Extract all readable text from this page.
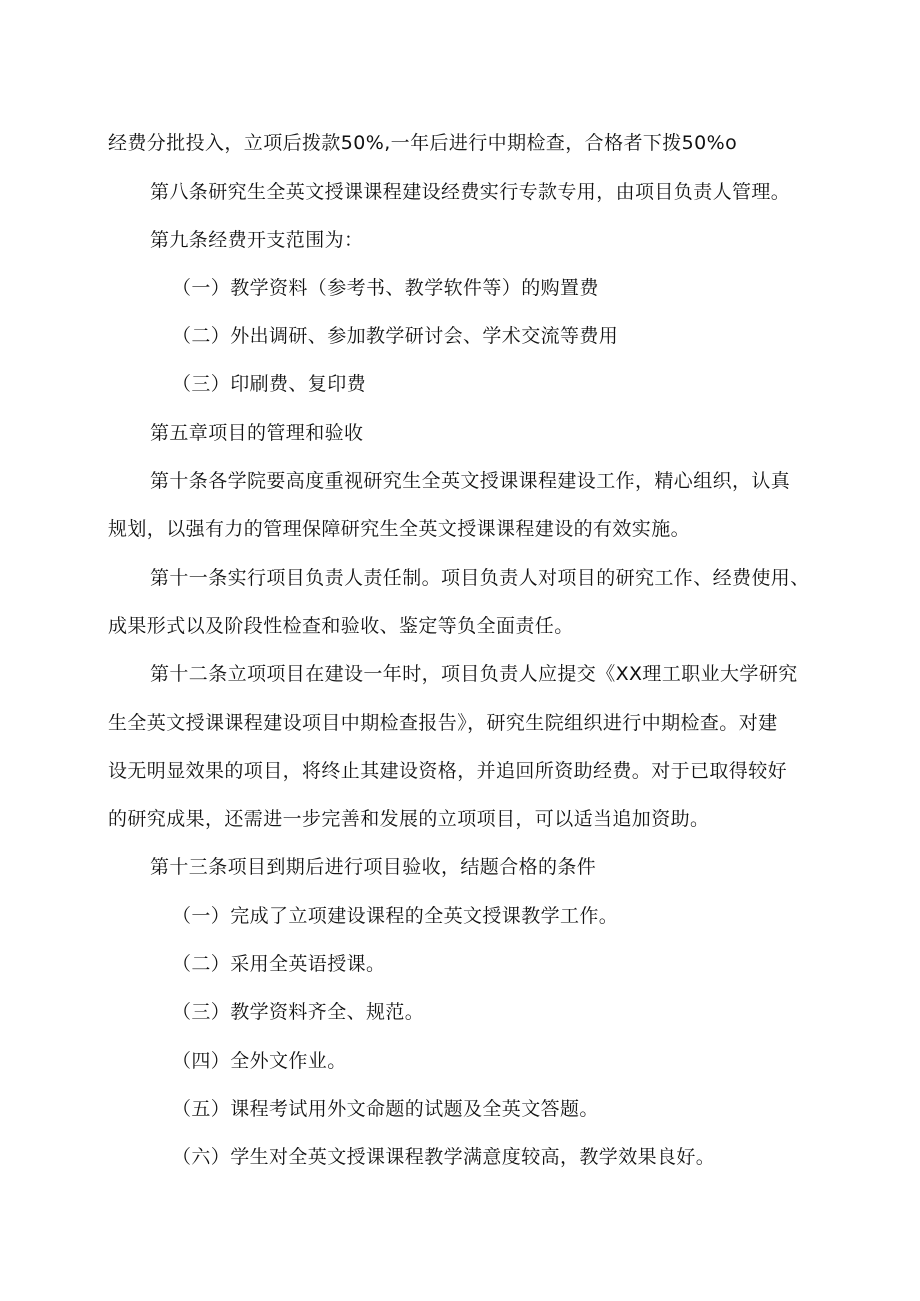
经费分批投入，立项后拨款50%,一年后进行中期检查，合格者下拨50%o
第八条研究生全英文授课课程建设经费实行专款专用，由项目负责人管理。
第九条经费开支范围为：
（一）教学资料（参考书、教学软件等）的购置费
（二）外出调研、参加教学研讨会、学术交流等费用
（三）印刷费、复印费
第五章项目的管理和验收
第十条各学院要高度重视研究生全英文授课课程建设工作，精心组织，认真
规划，以强有力的管理保障研究生全英文授课课程建设的有效实施。
第十一条实行项目负责人责任制。项目负责人对项目的研究工作、经费使用、
成果形式以及阶段性检查和验收、鉴定等负全面责任。
第十二条立项项目在建设一年时，项目负责人应提交《XX理工职业大学研究
生全英文授课课程建设项目中期检查报告》，研究生院组织进行中期检查。对建
设无明显效果的项目，将终止其建设资格，并追回所资助经费。对于已取得较好
的研究成果，还需进一步完善和发展的立项项目，可以适当追加资助。
第十三条项目到期后进行项目验收，结题合格的条件
（一）完成了立项建设课程的全英文授课教学工作。
（二）采用全英语授课。
（三）教学资料齐全、规范。
（四）全外文作业。
（五）课程考试用外文命题的试题及全英文答题。
（六）学生对全英文授课课程教学满意度较高，教学效果良好。
